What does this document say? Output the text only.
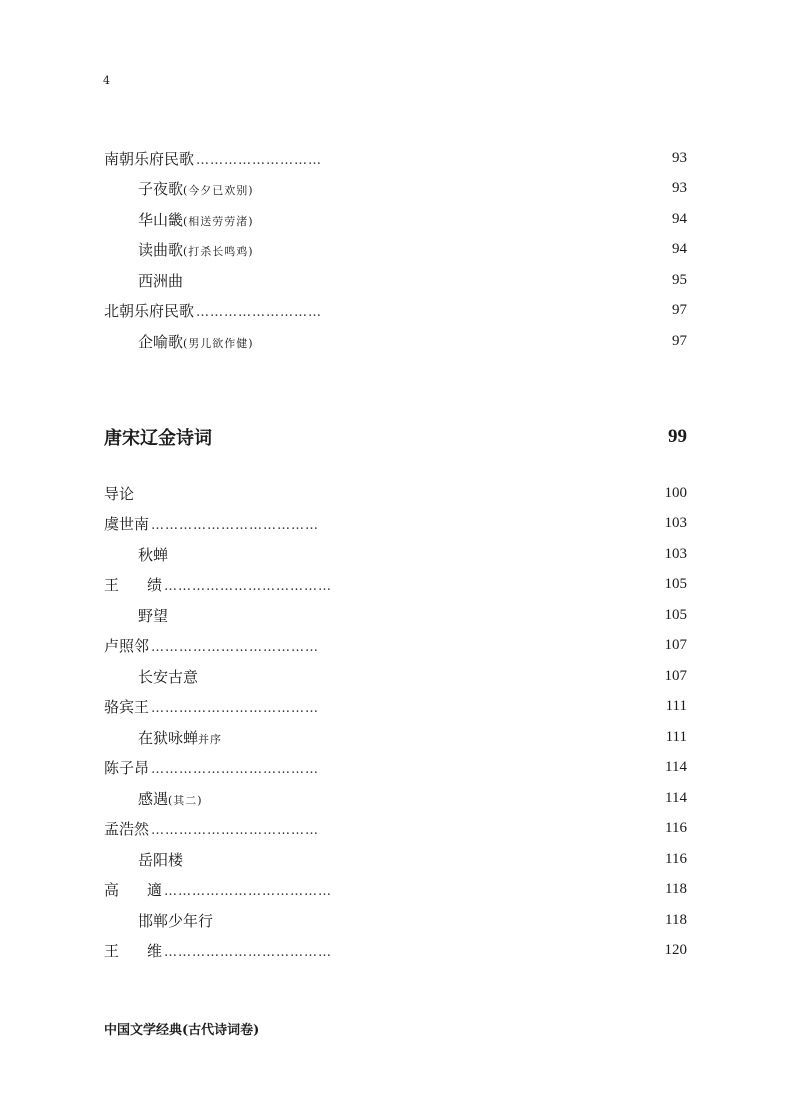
4
南朝乐府民歌 ………………………	93
子夜歌 (今夕已欢别)	93
华山畿 (相送劳劳渚)	94
读曲歌 (打杀长鸣鸡)	94
西洲曲	95
北朝乐府民歌 ………………………	97
企喻歌 (男儿欲作健)	97
唐宋辽金诗词	99
导论	100
虞世南 ………………………………	103
秋蝉	103
王 绩 ………………………………	105
野望	105
卢照邻 ………………………………	107
长安古意	107
骆宾王 ………………………………	111
在狱咏蝉 并序	111
陈子昂 ………………………………	114
感遇 (其二)	114
孟浩然 ………………………………	116
岳阳楼	116
高 適 ………………………………	118
邯郸少年行	118
王 维 ………………………………	120
中国文学经典(古代诗词卷)
